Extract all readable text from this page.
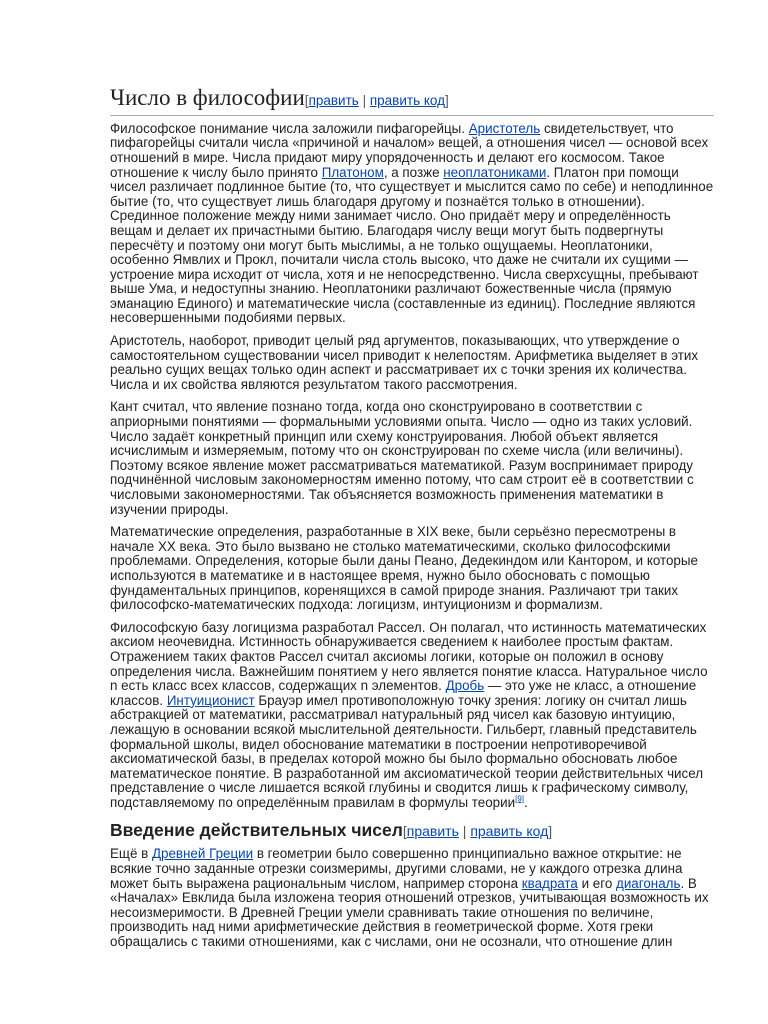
Число в философии[править | править код]

Философское понимание числа заложили пифагорейцы. Аристотель свидетельствует, что пифагорейцы считали числа «причиной и началом» вещей, а отношения чисел — основой всех отношений в мире. Числа придают миру упорядоченность и делают его космосом. Такое отношение к числу было принято Платоном, а позже неоплатониками. Платон при помощи чисел различает подлинное бытие (то, что существует и мыслится само по себе) и неподлинное бытие (то, что существует лишь благодаря другому и познаётся только в отношении). Срединное положение между ними занимает число. Оно придаёт меру и определённость вещам и делает их причастными бытию. Благодаря числу вещи могут быть подвергнуты пересчёту и поэтому они могут быть мыслимы, а не только ощущаемы. Неоплатоники, особенно Ямвлих и Прокл, почитали числа столь высоко, что даже не считали их сущими — устроение мира исходит от числа, хотя и не непосредственно. Числа сверхсущны, пребывают выше Ума, и недоступны знанию. Неоплатоники различают божественные числа (прямую эманацию Единого) и математические числа (составленные из единиц). Последние являются несовершенными подобиями первых.

Аристотель, наоборот, приводит целый ряд аргументов, показывающих, что утверждение о самостоятельном существовании чисел приводит к нелепостям. Арифметика выделяет в этих реально сущих вещах только один аспект и рассматривает их с точки зрения их количества. Числа и их свойства являются результатом такого рассмотрения.

Кант считал, что явление познано тогда, когда оно сконструировано в соответствии с априорными понятиями — формальными условиями опыта. Число — одно из таких условий. Число задаёт конкретный принцип или схему конструирования. Любой объект является исчислимым и измеряемым, потому что он сконструирован по схеме числа (или величины). Поэтому всякое явление может рассматриваться математикой. Разум воспринимает природу подчинённой числовым закономерностям именно потому, что сам строит её в соответствии с числовыми закономерностями. Так объясняется возможность применения математики в изучении природы.

Математические определения, разработанные в XIX веке, были серьёзно пересмотрены в начале XX века. Это было вызвано не столько математическими, сколько философскими проблемами. Определения, которые были даны Пеано, Дедекиндом или Кантором, и которые используются в математике и в настоящее время, нужно было обосновать с помощью фундаментальных принципов, коренящихся в самой природе знания. Различают три таких философско-математических подхода: логицизм, интуиционизм и формализм.

Философскую базу логицизма разработал Рассел. Он полагал, что истинность математических аксиом неочевидна. Истинность обнаруживается сведением к наиболее простым фактам. Отражением таких фактов Рассел считал аксиомы логики, которые он положил в основу определения числа. Важнейшим понятием у него является понятие класса. Натуральное число n есть класс всех классов, содержащих n элементов. Дробь — это уже не класс, а отношение классов. Интуиционист Брауэр имел противоположную точку зрения: логику он считал лишь абстракцией от математики, рассматривал натуральный ряд чисел как базовую интуицию, лежащую в основании всякой мыслительной деятельности. Гильберт, главный представитель формальной школы, видел обоснование математики в построении непротиворечивой аксиоматической базы, в пределах которой можно бы было формально обосновать любое математическое понятие. В разработанной им аксиоматической теории действительных чисел представление о числе лишается всякой глубины и сводится лишь к графическому символу, подставляемому по определённым правилам в формулы теории[9].

Введение действительных чисел[править | править код]

Ещё в Древней Греции в геометрии было совершенно принципиально важное открытие: не всякие точно заданные отрезки соизмеримы, другими словами, не у каждого отрезка длина может быть выражена рациональным числом, например сторона квадрата и его диагональ. В «Началах» Евклида была изложена теория отношений отрезков, учитывающая возможность их несоизмеримости. В Древней Греции умели сравнивать такие отношения по величине, производить над ними арифметические действия в геометрической форме. Хотя греки обращались с такими отношениями, как с числами, они не осознали, что отношение длин
